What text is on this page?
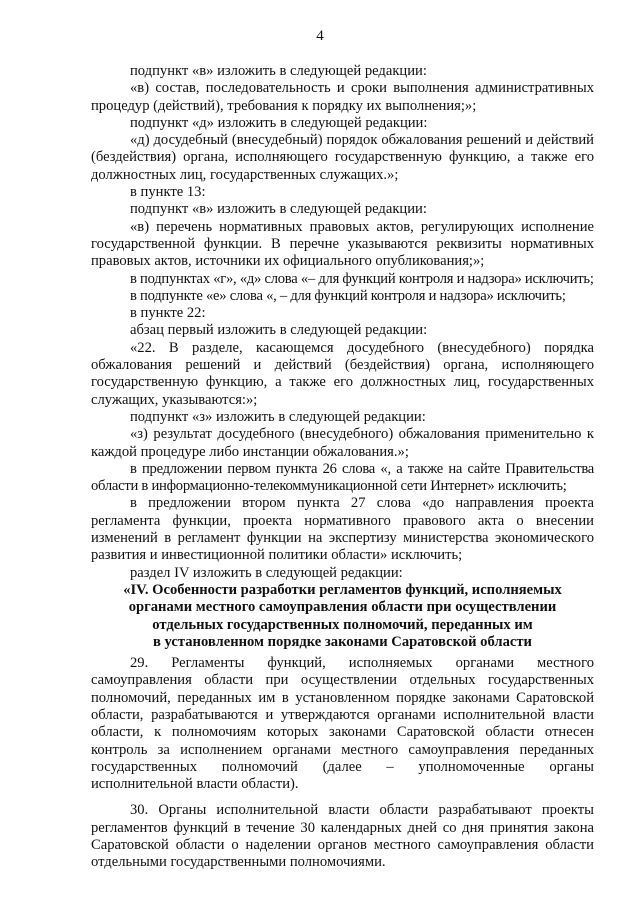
4

подпункт «в» изложить в следующей редакции:

«в) состав, последовательность и сроки выполнения административных процедур (действий), требования к порядку их выполнения;»;

подпункт «д» изложить в следующей редакции:

«д) досудебный (внесудебный) порядок обжалования решений и действий (бездействия) органа, исполняющего государственную функцию, а также его должностных лиц, государственных служащих.»;

в пункте 13:

подпункт «в» изложить в следующей редакции:

«в) перечень нормативных правовых актов, регулирующих исполнение государственной функции. В перечне указываются реквизиты нормативных правовых актов, источники их официального опубликования;»;

в подпунктах «г», «д» слова «– для функций контроля и надзора» исключить;

в подпункте «е» слова «, – для функций контроля и надзора» исключить;

в пункте 22:

абзац первый изложить в следующей редакции:

«22. В разделе, касающемся досудебного (внесудебного) порядка обжалования решений и действий (бездействия) органа, исполняющего государственную функцию, а также его должностных лиц, государственных служащих, указываются:»;

подпункт «з» изложить в следующей редакции:

«з) результат досудебного (внесудебного) обжалования применительно к каждой процедуре либо инстанции обжалования.»;

в предложении первом пункта 26 слова «, а также на сайте Правительства области в информационно-телекоммуникационной сети Интернет» исключить;

в предложении втором пункта 27 слова «до направления проекта регламента функции, проекта нормативного правового акта о внесении изменений в регламент функции на экспертизу министерства экономического развития и инвестиционной политики области» исключить;

раздел IV изложить в следующей редакции:

«IV. Особенности разработки регламентов функций, исполняемых

органами местного самоуправления области при осуществлении

отдельных государственных полномочий, переданных им

в установленном порядке законами Саратовской области

29. Регламенты функций, исполняемых органами местного самоуправления области при осуществлении отдельных государственных полномочий, переданных им в установленном порядке законами Саратовской области, разрабатываются и утверждаются органами исполнительной власти области, к полномочиям которых законами Саратовской области отнесен контроль за исполнением органами местного самоуправления переданных государственных полномочий (далее – уполномоченные органы исполнительной власти области).

30. Органы исполнительной власти области разрабатывают проекты регламентов функций в течение 30 календарных дней со дня принятия закона Саратовской области о наделении органов местного самоуправления области отдельными государственными полномочиями.
